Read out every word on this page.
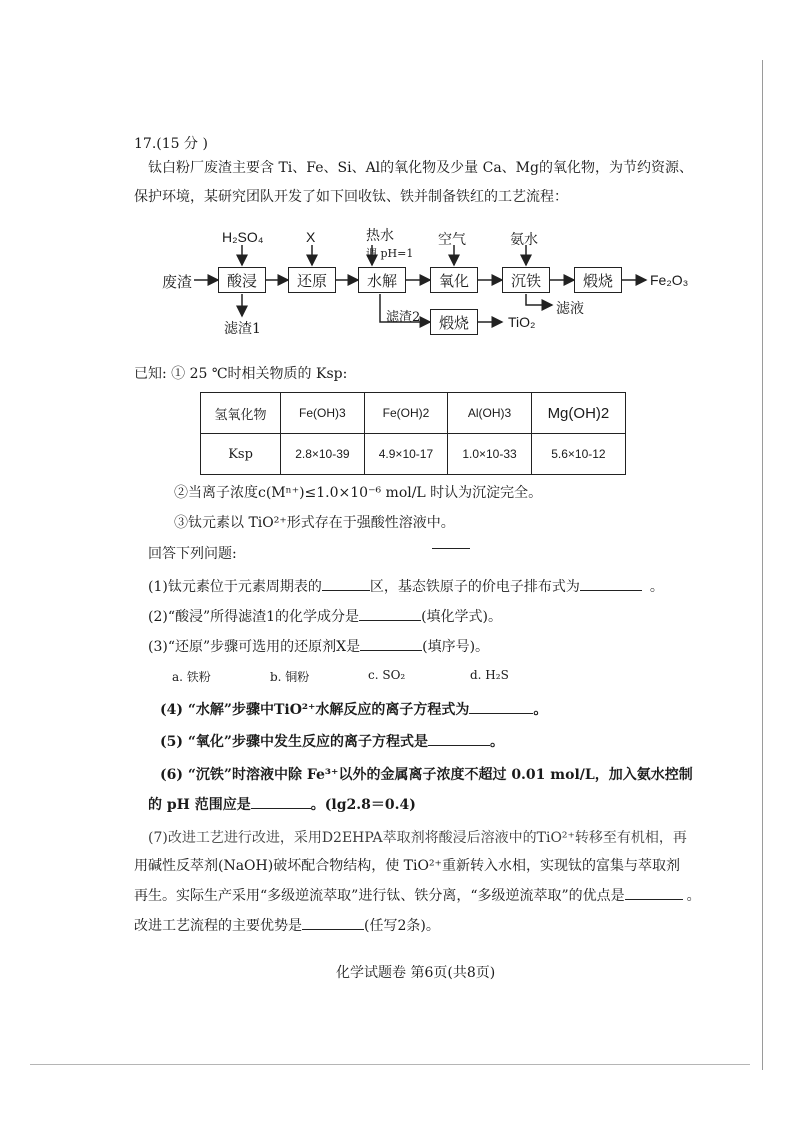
17.(15 分 )
钛白粉厂废渣主要含 Ti、Fe、Si、Al的氧化物及少量 Ca、Mg的氧化物，为节约资源、
保护环境，某研究团队开发了如下回收钛、铁并制备铁红的工艺流程：
废渣	酸浸	还原	水解	氧化	沉铁	煅烧	Fe₂O₃
H₂SO₄	X	热水
调 pH=1
空气	氨水
滤渣1
滤渣2	煅烧	TiO₂
滤液
已知: ① 25 ℃时相关物质的 Ksp:
氢氧化物	Fe(OH)3	Fe(OH)2	Al(OH)3	Mg(OH)2
Ksp	2.8×10-39	4.9×10-17	1.0×10-33	5.6×10-12
②当离子浓度c(Mⁿ⁺)≤1.0×10⁻⁶ mol/L 时认为沉淀完全。
③钛元素以 TiO²⁺形式存在于强酸性溶液中。
回答下列问题:
(1)钛元素位于元素周期表的	区，基态铁原子的价电子排布式为	。
(2)“酸浸”所得滤渣1的化学成分是	(填化学式)。
(3)“还原”步骤可选用的还原剂X是	(填序号)。
a. 铁粉	b. 铜粉	c. SO₂	d. H₂S
(4) “水解”步骤中TiO²⁺水解反应的离子方程式为	。
(5) “氧化”步骤中发生反应的离子方程式是	。
(6) “沉铁”时溶液中除 Fe³⁺以外的金属离子浓度不超过 0.01 mol/L，加入氨水控制
的 pH 范围应是	。(lg2.8＝0.4)
(7)改进工艺进行改进，采用D2EHPA萃取剂将酸浸后溶液中的TiO²⁺转移至有机相，再
用碱性反萃剂(NaOH)破坏配合物结构，使 TiO²⁺重新转入水相，实现钛的富集与萃取剂
再生。实际生产采用“多级逆流萃取”进行钛、铁分离，“多级逆流萃取”的优点是	。
改进工艺流程的主要优势是	(任写2条)。
化学试题卷 第6页(共8页)
